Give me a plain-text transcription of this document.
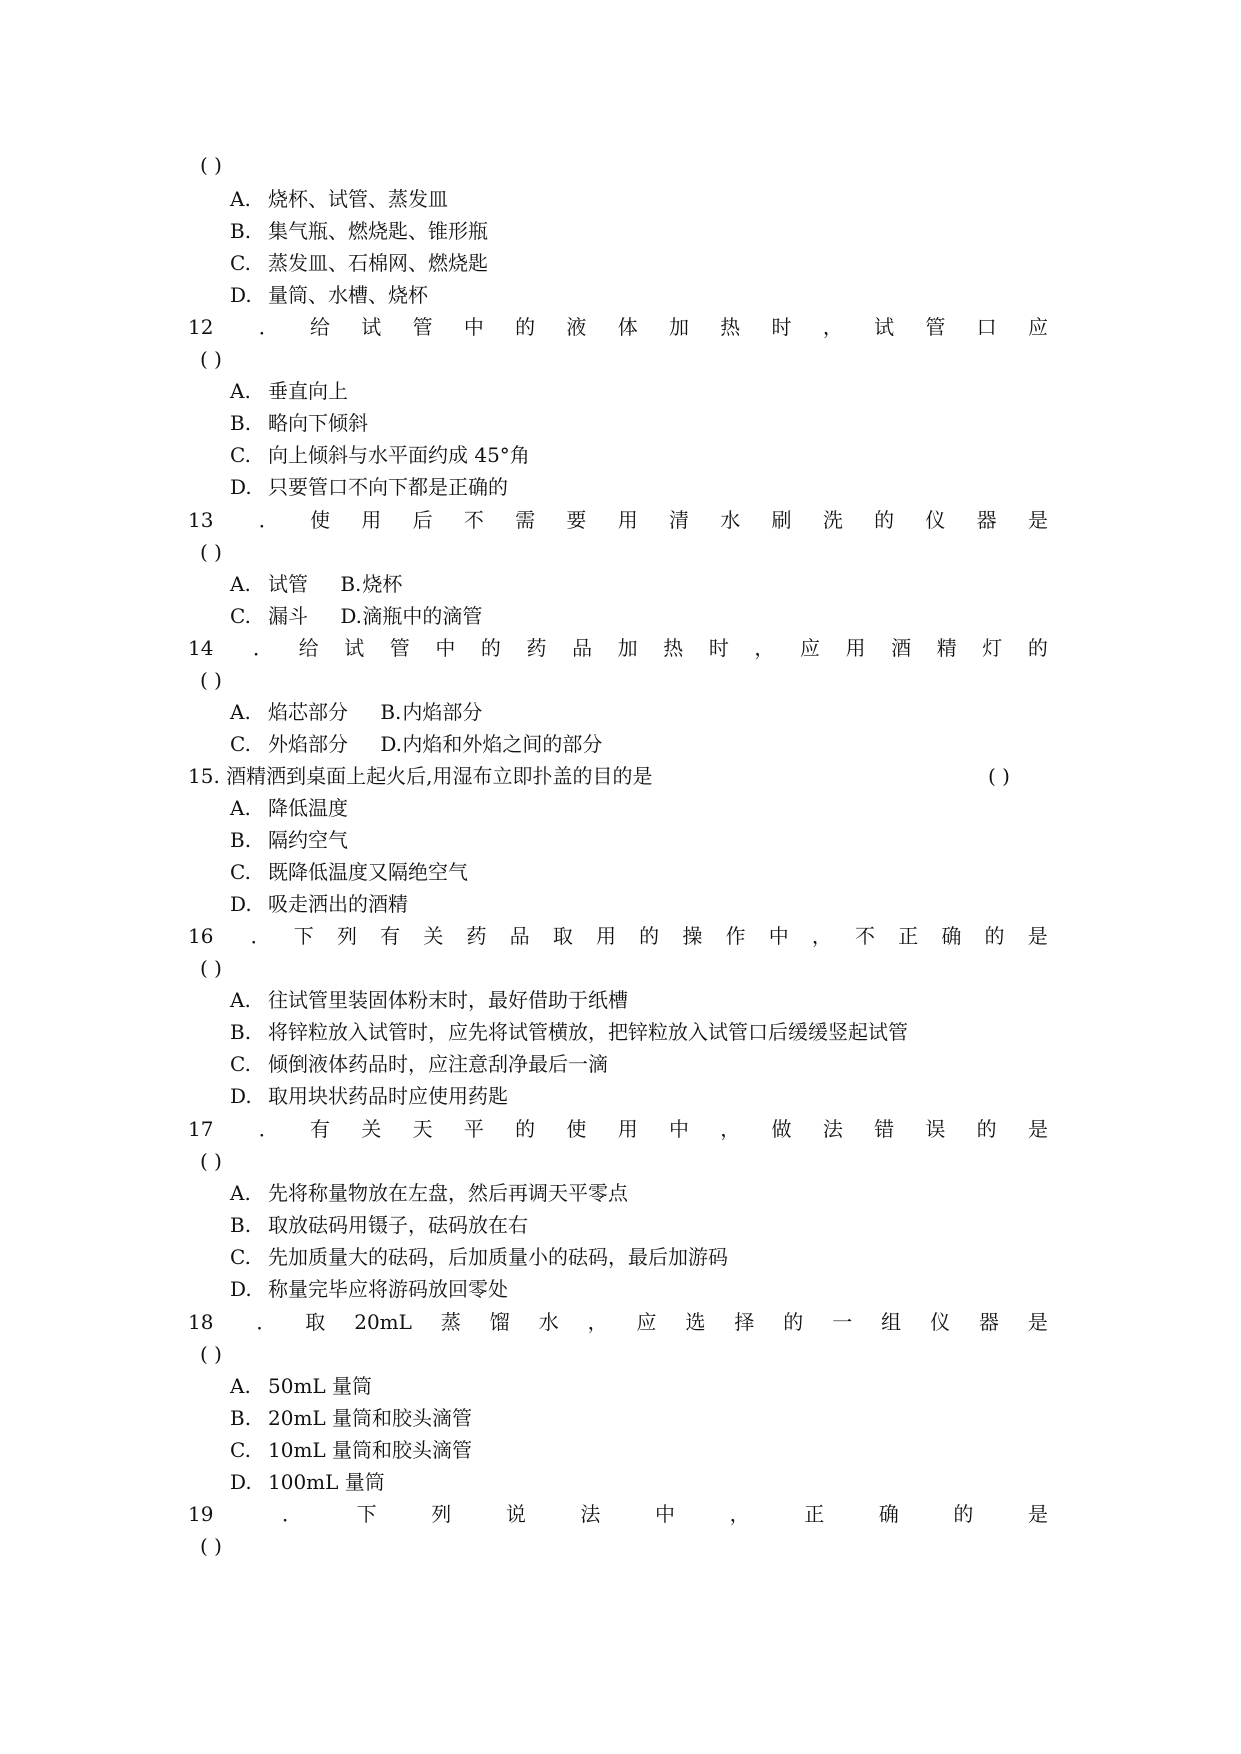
( )
A. 烧杯、试管、蒸发皿
B. 集气瓶、燃烧匙、锥形瓶
C. 蒸发皿、石棉网、燃烧匙
D. 量筒、水槽、烧杯
12 ． 给 试 管 中 的 液 体 加 热 时 ， 试 管 口 应
( )
A. 垂直向上
B. 略向下倾斜
C. 向上倾斜与水平面约成 45°角
D. 只要管口不向下都是正确的
13 ． 使 用 后 不 需 要 用 清 水 刷 洗 的 仪 器 是
( )
A. 试管 B.烧杯
C. 漏斗 D.滴瓶中的滴管
14 ． 给 试 管 中 的 药 品 加 热 时 ， 应 用 酒 精 灯 的
( )
A. 焰芯部分 B.内焰部分
C. 外焰部分 D.内焰和外焰之间的部分
15. 酒精洒到桌面上起火后,用湿布立即扑盖的目的是	( )
A. 降低温度
B. 隔约空气
C. 既降低温度又隔绝空气
D. 吸走洒出的酒精
16 ． 下 列 有 关 药 品 取 用 的 操 作 中 ， 不 正 确 的 是
( )
A. 往试管里装固体粉末时，最好借助于纸槽
B. 将锌粒放入试管时，应先将试管横放，把锌粒放入试管口后缓缓竖起试管
C. 倾倒液体药品时，应注意刮净最后一滴
D. 取用块状药品时应使用药匙
17 ． 有 关 天 平 的 使 用 中 ， 做 法 错 误 的 是
( )
A. 先将称量物放在左盘，然后再调天平零点
B. 取放砝码用镊子，砝码放在右
C. 先加质量大的砝码，后加质量小的砝码，最后加游码
D. 称量完毕应将游码放回零处
18 ． 取 20mL 蒸 馏 水 ， 应 选 择 的 一 组 仪 器 是
( )
A. 50mL 量筒
B. 20mL 量筒和胶头滴管
C. 10mL 量筒和胶头滴管
D. 100mL 量筒
19	．	下	列	说	法	中	，	正	确	的	是
( )
